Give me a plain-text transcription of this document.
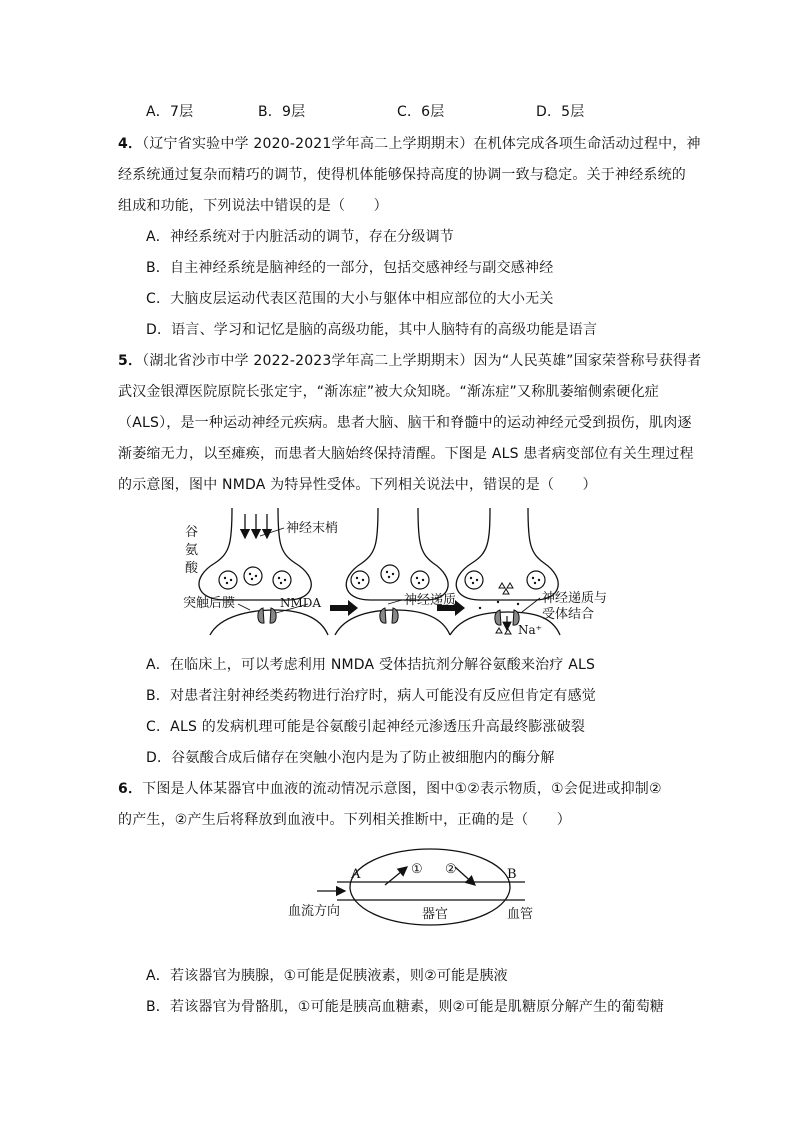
A．7层	B．9层	C．6层	D．5层
4．（辽宁省实验中学 2020-2021学年高二上学期期末）在机体完成各项生命活动过程中，神
经系统通过复杂而精巧的调节，使得机体能够保持高度的协调一致与稳定。关于神经系统的
组成和功能，下列说法中错误的是（　　）
A．神经系统对于内脏活动的调节，存在分级调节
B．自主神经系统是脑神经的一部分，包括交感神经与副交感神经
C．大脑皮层运动代表区范围的大小与躯体中相应部位的大小无关
D．语言、学习和记忆是脑的高级功能，其中人脑特有的高级功能是语言
5．（湖北省沙市中学 2022-2023学年高二上学期期末）因为“人民英雄”国家荣誉称号获得者
武汉金银潭医院原院长张定宇，“渐冻症”被大众知晓。“渐冻症”又称肌萎缩侧索硬化症
（ALS），是一种运动神经元疾病。患者大脑、脑干和脊髓中的运动神经元受到损伤，肌肉逐
渐萎缩无力，以至瘫痪，而患者大脑始终保持清醒。下图是 ALS 患者病变部位有关生理过程
的示意图，图中 NMDA 为特异性受体。下列相关说法中，错误的是（　　）
谷
氨
酸
神经末梢
突触后膜	NMDA	神经递质	神经递质与
受体结合
Na⁺
A．在临床上，可以考虑利用 NMDA 受体拮抗剂分解谷氨酸来治疗 ALS
B．对患者注射神经类药物进行治疗时，病人可能没有反应但肯定有感觉
C．ALS 的发病机理可能是谷氨酸引起神经元渗透压升高最终膨涨破裂
D．谷氨酸合成后储存在突触小泡内是为了防止被细胞内的酶分解
6．下图是人体某器官中血液的流动情况示意图，图中①②表示物质，①会促进或抑制②
的产生，②产生后将释放到血液中。下列相关推断中，正确的是（　　）
A	B
① ②
血流方向	器官	血管
A．若该器官为胰腺，①可能是促胰液素，则②可能是胰液
B．若该器官为骨骼肌，①可能是胰高血糖素，则②可能是肌糖原分解产生的葡萄糖
